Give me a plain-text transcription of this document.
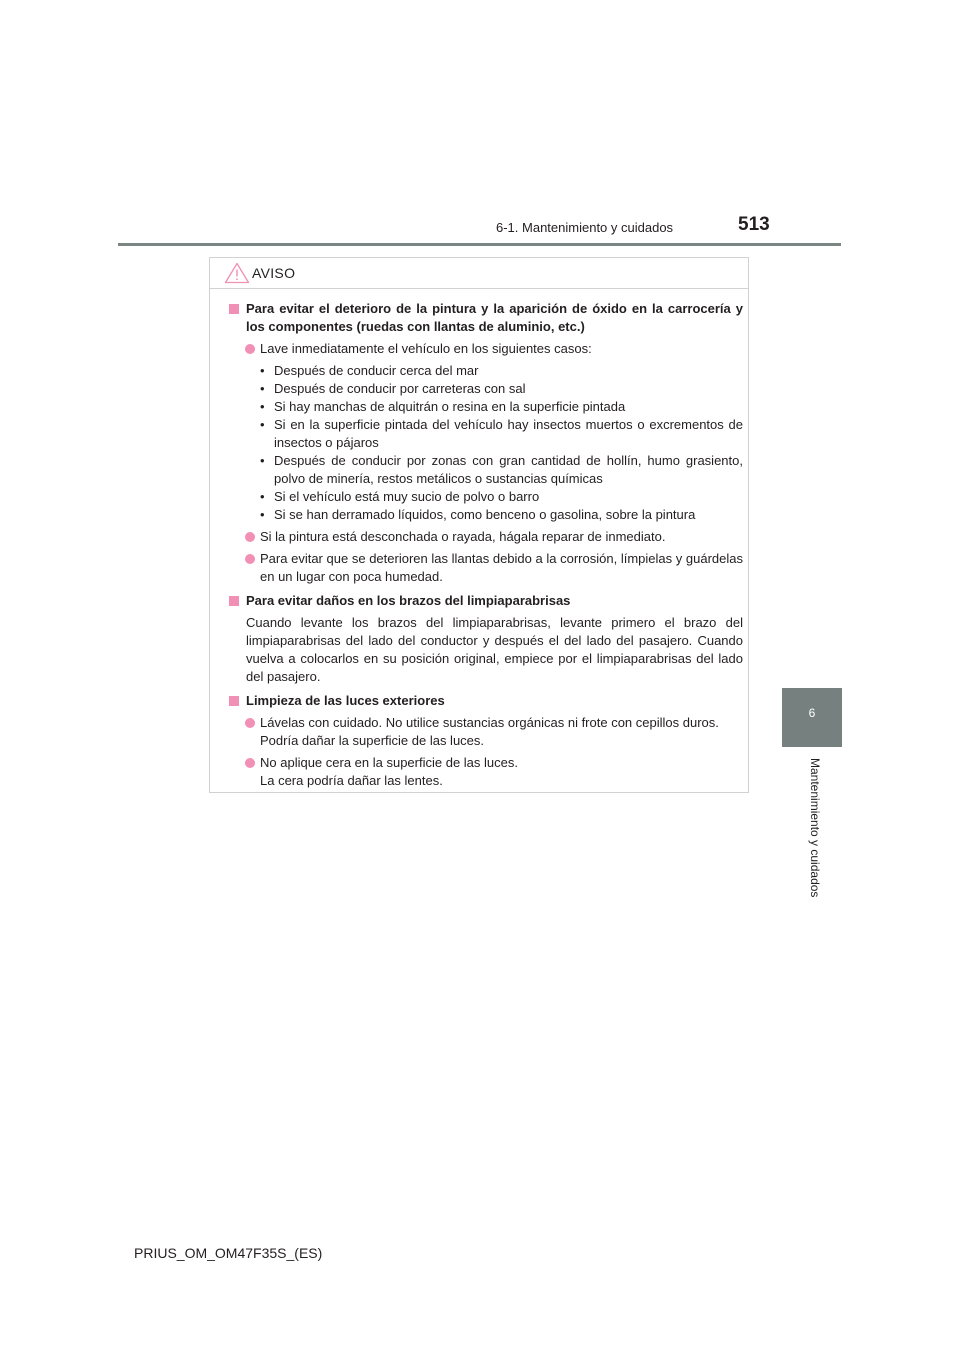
6-1. Mantenimiento y cuidados	513
6
Mantenimiento y cuidados
AVISO
Para evitar el deterioro de la pintura y la aparición de óxido en la carrocería y los componentes (ruedas con llantas de aluminio, etc.)
Lave inmediatamente el vehículo en los siguientes casos:
• Después de conducir cerca del mar
• Después de conducir por carreteras con sal
• Si hay manchas de alquitrán o resina en la superficie pintada
• Si en la superficie pintada del vehículo hay insectos muertos o excrementos de insectos o pájaros
• Después de conducir por zonas con gran cantidad de hollín, humo grasiento, polvo de minería, restos metálicos o sustancias químicas
• Si el vehículo está muy sucio de polvo o barro
• Si se han derramado líquidos, como benceno o gasolina, sobre la pintura
Si la pintura está desconchada o rayada, hágala reparar de inmediato.
Para evitar que se deterioren las llantas debido a la corrosión, límpielas y guárdelas en un lugar con poca humedad.
Para evitar daños en los brazos del limpiaparabrisas
Cuando levante los brazos del limpiaparabrisas, levante primero el brazo del limpiaparabrisas del lado del conductor y después el del lado del pasajero. Cuando vuelva a colocarlos en su posición original, empiece por el limpiaparabrisas del lado del pasajero.
Limpieza de las luces exteriores
Lávelas con cuidado. No utilice sustancias orgánicas ni frote con cepillos duros.
Podría dañar la superficie de las luces.
No aplique cera en la superficie de las luces.
La cera podría dañar las lentes.
PRIUS_OM_OM47F35S_(ES)
